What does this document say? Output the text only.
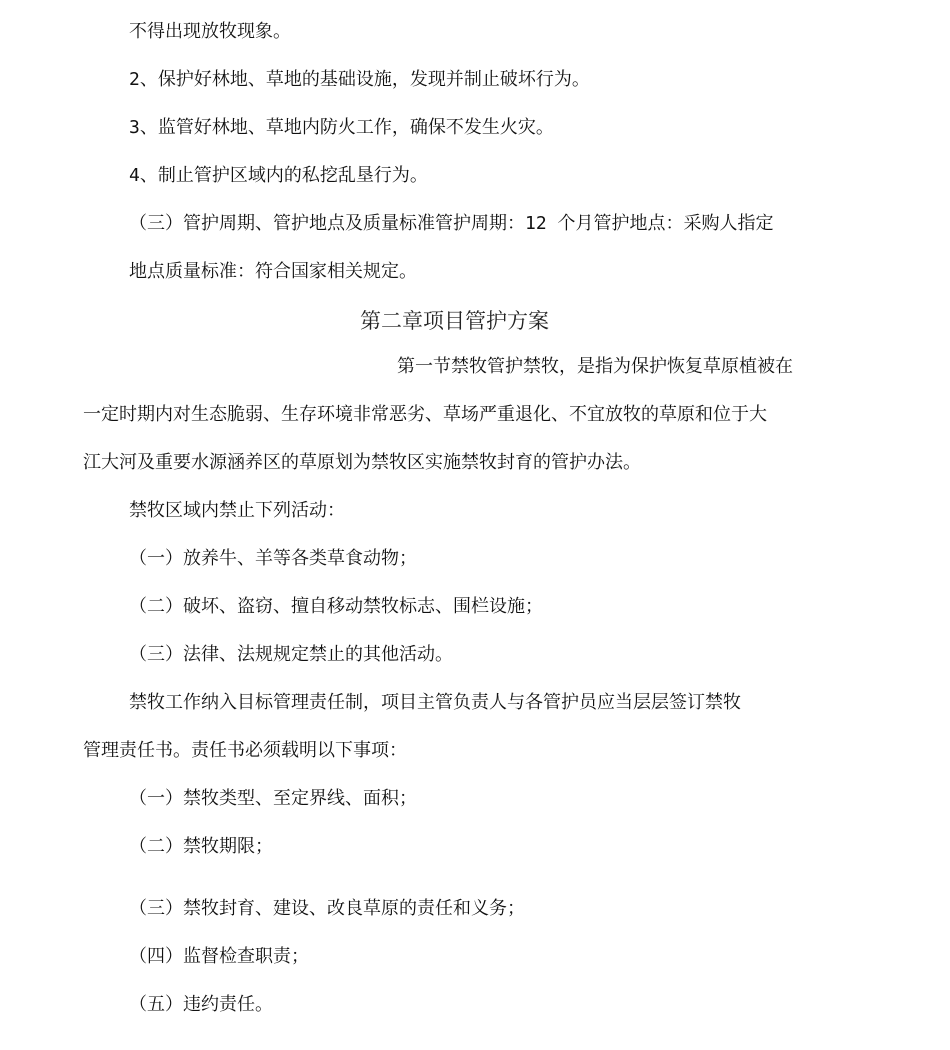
不得出现放牧现象。
2、保护好林地、草地的基础设施，发现并制止破坏行为。
3、监管好林地、草地内防火工作，确保不发生火灾。
4、制止管护区域内的私挖乱垦行为。
（三）管护周期、管护地点及质量标准管护周期：12 个月管护地点：采购人指定
地点质量标准：符合国家相关规定。
第二章项目管护方案
第一节禁牧管护禁牧，是指为保护恢复草原植被在
一定时期内对生态脆弱、生存环境非常恶劣、草场严重退化、不宜放牧的草原和位于大
江大河及重要水源涵养区的草原划为禁牧区实施禁牧封育的管护办法。
禁牧区域内禁止下列活动：
（一）放养牛、羊等各类草食动物；
（二）破坏、盗窃、擅自移动禁牧标志、围栏设施；
（三）法律、法规规定禁止的其他活动。
禁牧工作纳入目标管理责任制，项目主管负责人与各管护员应当层层签订禁牧
管理责任书。责任书必须载明以下事项：
（一）禁牧类型、至定界线、面积；
（二）禁牧期限；
（三）禁牧封育、建设、改良草原的责任和义务；
（四）监督检查职责；
（五）违约责任。
